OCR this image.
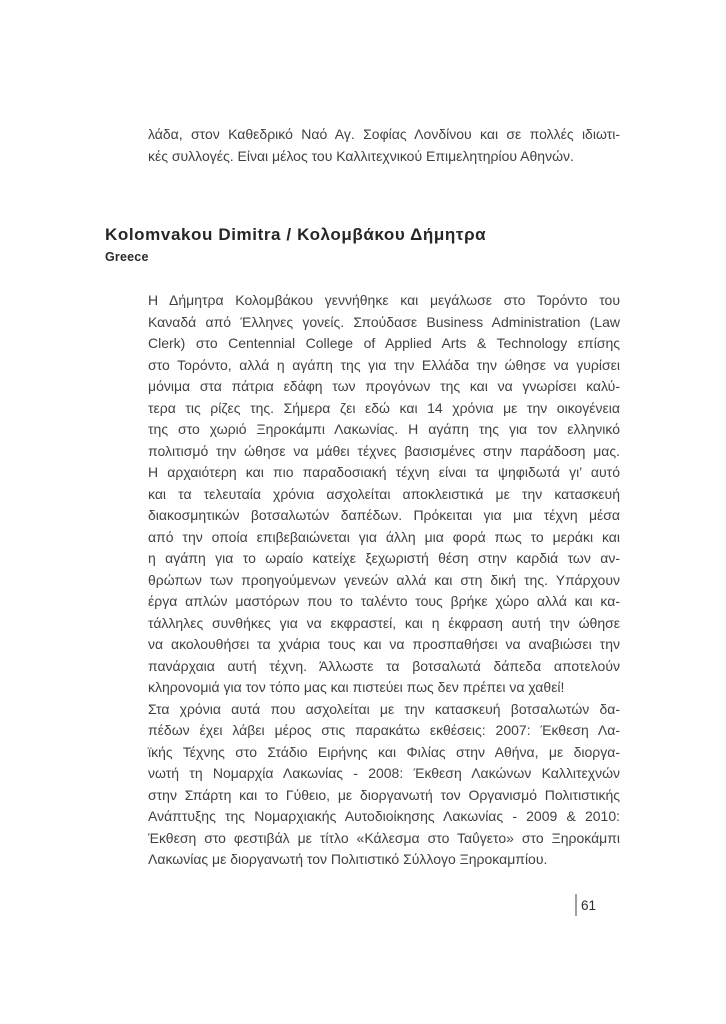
λάδα, στον Καθεδρικό Ναό Αγ. Σοφίας Λονδίνου και σε πολλές ιδιωτι-
κές συλλογές. Είναι μέλος του Καλλιτεχνικού Επιμελητηρίου Αθηνών.
Kolomvakou Dimitra / Κολομβάκου Δήμητρα
Greece
Η Δήμητρα Κολομβάκου γεννήθηκε και μεγάλωσε στο Τορόντο του
Καναδά από Έλληνες γονείς. Σπούδασε Business Administration (Law
Clerk) στο Centennial College of Applied Arts & Technology επίσης
στο Τορόντο, αλλά η αγάπη της για την Ελλάδα την ώθησε να γυρίσει
μόνιμα στα πάτρια εδάφη των προγόνων της και να γνωρίσει καλύ-
τερα τις ρίζες της. Σήμερα ζει εδώ και 14 χρόνια με την οικογένεια
της στο χωριό Ξηροκάμπι Λακωνίας. Η αγάπη της για τον ελληνικό
πολιτισμό την ώθησε να μάθει τέχνες βασισμένες στην παράδοση μας.
Η αρχαιότερη και πιο παραδοσιακή τέχνη είναι τα ψηφιδωτά γι’ αυτό
και τα τελευταία χρόνια ασχολείται αποκλειστικά με την κατασκευή
διακοσμητικών βοτσαλωτών δαπέδων. Πρόκειται για μια τέχνη μέσα
από την οποία επιβεβαιώνεται για άλλη μια φορά πως το μεράκι και
η αγάπη για το ωραίο κατείχε ξεχωριστή θέση στην καρδιά των αν-
θρώπων των προηγούμενων γενεών αλλά και στη δική της. Υπάρχουν
έργα απλών μαστόρων που το ταλέντο τους βρήκε χώρο αλλά και κα-
τάλληλες συνθήκες για να εκφραστεί, και η έκφραση αυτή την ώθησε
να ακολουθήσει τα χνάρια τους και να προσπαθήσει να αναβιώσει την
πανάρχαια αυτή τέχνη. Άλλωστε τα βοτσαλωτά δάπεδα αποτελούν
κληρονομιά για τον τόπο μας και πιστεύει πως δεν πρέπει να χαθεί!
Στα χρόνια αυτά που ασχολείται με την κατασκευή βοτσαλωτών δα-
πέδων έχει λάβει μέρος στις παρακάτω εκθέσεις: 2007: Έκθεση Λα-
ϊκής Τέχνης στο Στάδιο Ειρήνης και Φιλίας στην Αθήνα, με διοργα-
νωτή τη Νομαρχία Λακωνίας - 2008: Έκθεση Λακώνων Καλλιτεχνών
στην Σπάρτη και το Γύθειο, με διοργανωτή τον Οργανισμό Πολιτιστικής
Ανάπτυξης της Νομαρχιακής Αυτοδιοίκησης Λακωνίας - 2009 & 2010:
Έκθεση στο φεστιβάλ με τίτλο «Κάλεσμα στο Ταΰγετο» στο Ξηροκάμπι
Λακωνίας με διοργανωτή τον Πολιτιστικό Σύλλογο Ξηροκαμπίου.
61
